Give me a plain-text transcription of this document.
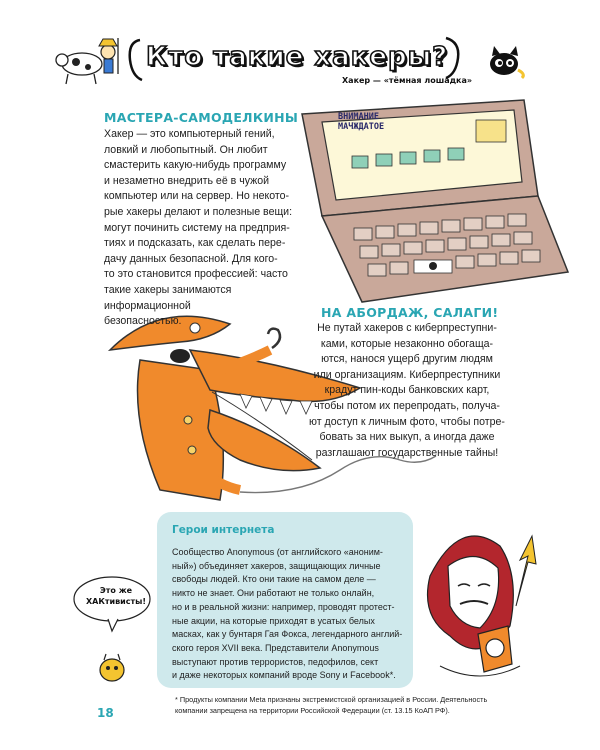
Это же
ХАКтивисты!
Кто такие хакеры?
Хакер — «тёмная лошадка»
ВНИМАНИЕ
МАЧЖДАТОЕ
МАСТЕРА-САМОДЕЛКИНЫ
Хакер — это компьютерный гений,
ловкий и любопытный. Он любит
смастерить какую-нибудь программу
и незаметно внедрить её в чужой
компьютер или на сервер. Но некото-
рые хакеры делают и полезные вещи:
могут починить систему на предприя-
тиях и подсказать, как сделать пере-
дачу данных безопасной. Для кого-
то это становится профессией: часто
такие хакеры занимаются информационной
безопасностью.
НА АБОРДАЖ, САЛАГИ!
Не путай хакеров с киберпреступни-
ками, которые незаконно обогаща-
ются, нанося ущерб другим людям
или организациям. Киберпреступники
крадут пин-коды банковских карт,
чтобы потом их перепродать, получа-
ют доступ к личным фото, чтобы потре-
бовать за них выкуп, а иногда даже
разглашают государственные тайны!
Герои интернета
Сообщество Anonymous (от английского «аноним-
ный») объединяет хакеров, защищающих личные
свободы людей. Кто они такие на самом деле —
никто не знает. Они работают не только онлайн,
но и в реальной жизни: например, проводят протест-
ные акции, на которые приходят в усатых белых
масках, как у бунтаря Гая Фокса, легендарного англий-
ского героя XVII века. Представители Anonymous
выступают против террористов, педофилов, сект
и даже некоторых компаний вроде Sony и Facebook*.
18
* Продукты компании Meta признаны экстремистской организацией в России. Деятельность
компании запрещена на территории Российской Федерации (ст. 13.15 КоАП РФ).
